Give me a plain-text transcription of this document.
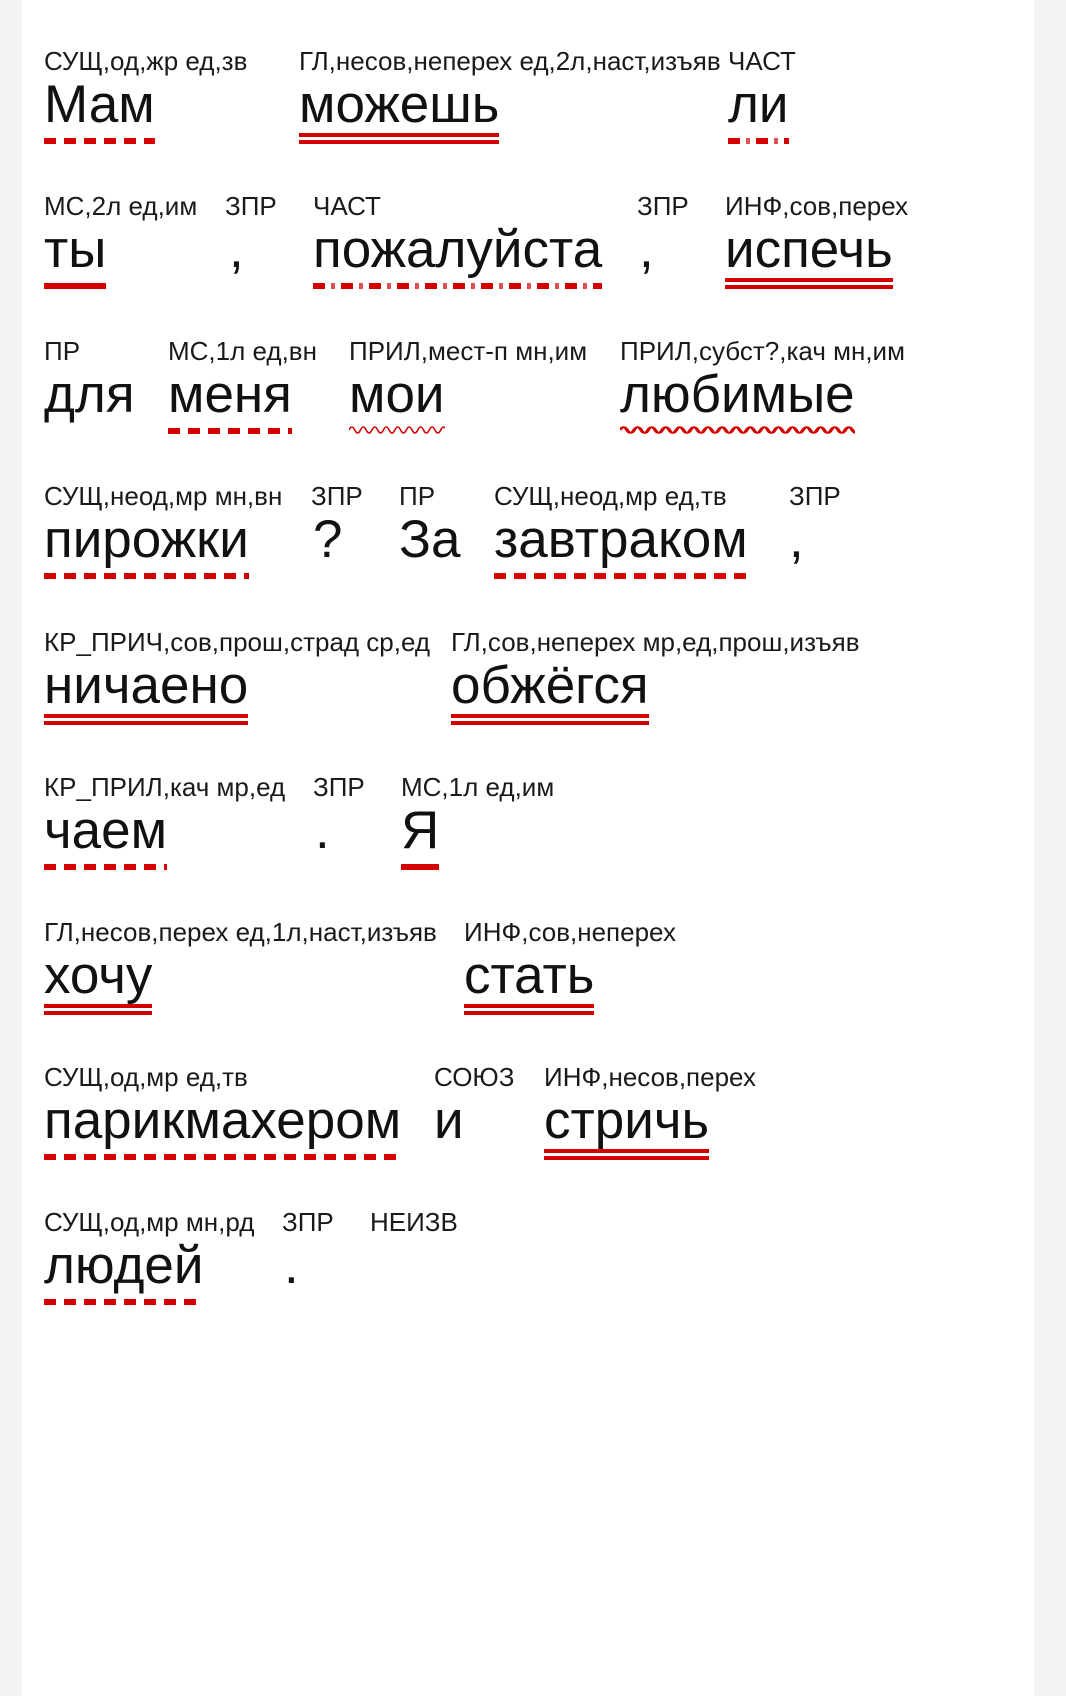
СУЩ,од,жр ед,зв
Мам
ГЛ,несов,неперех ед,2л,наст,изъяв
можешь
ЧАСТ
ли
МС,2л ед,им
ты
ЗПР
,
ЧАСТ
пожалуйста
ЗПР
,
ИНФ,сов,перех
испечь
ПР
для
МС,1л ед,вн
меня
ПРИЛ,мест-п мн,им
мои
ПРИЛ,субст?,кач мн,им
любимые
СУЩ,неод,мр мн,вн
пирожки
ЗПР
?
ПР
За
СУЩ,неод,мр ед,тв
завтраком
ЗПР
,
КР_ПРИЧ,сов,прош,страд ср,ед
ничаено
ГЛ,сов,неперех мр,ед,прош,изъяв
обжёгся
КР_ПРИЛ,кач мр,ед
чаем
ЗПР
.
МС,1л ед,им
Я
ГЛ,несов,перех ед,1л,наст,изъяв
хочу
ИНФ,сов,неперех
стать
СУЩ,од,мр ед,тв
парикмахером
СОЮЗ
и
ИНФ,несов,перех
стричь
СУЩ,од,мр мн,рд
людей
ЗПР
.
НЕИЗВ
